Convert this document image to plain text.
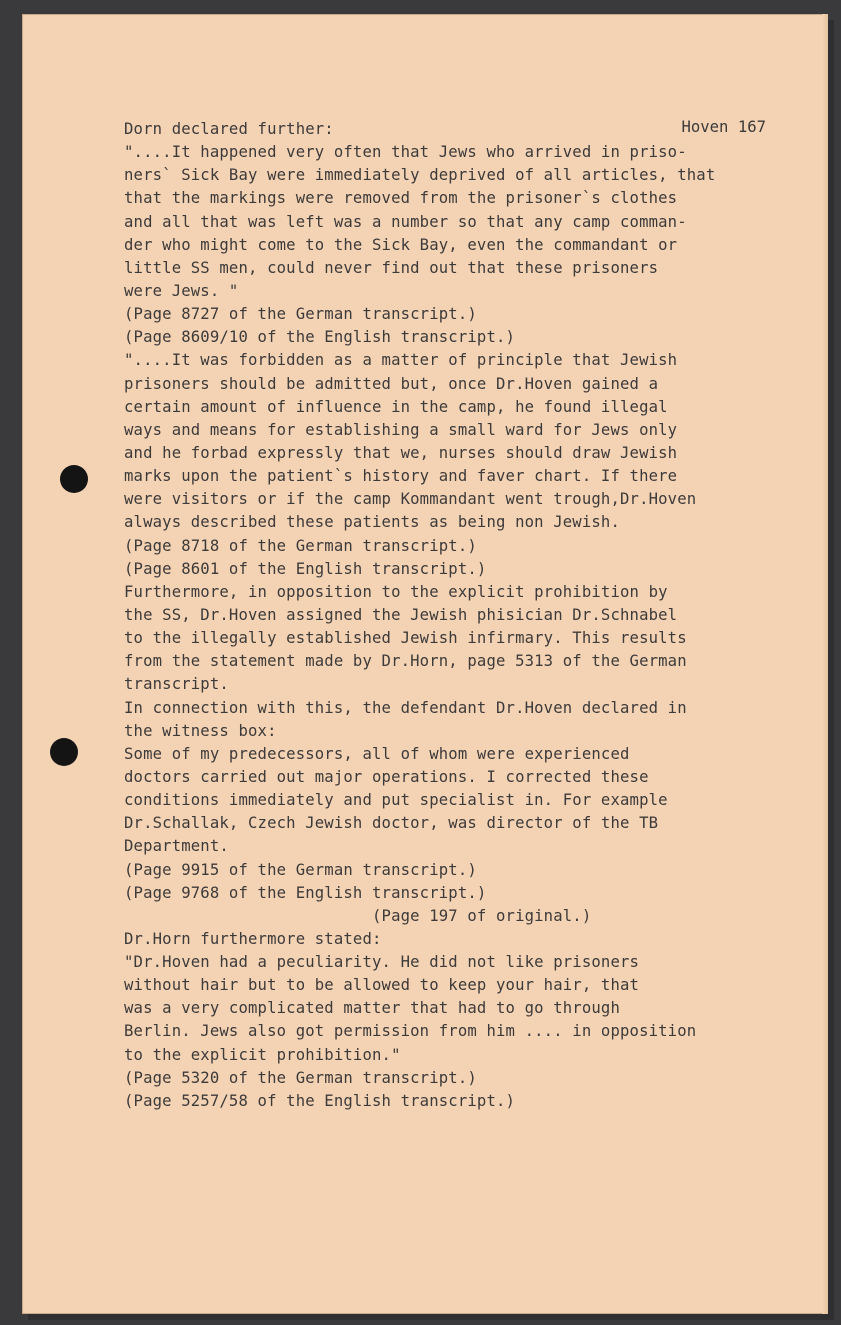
Hoven 167
Dorn declared further:
"....It happened very often that Jews who arrived in priso-
ners` Sick Bay were immediately deprived of all articles, that
that the markings were removed from the prisoner`s clothes
and all that was left was a number so that any camp comman-
der who might come to the Sick Bay, even the commandant or
little SS men, could never find out that these prisoners
were Jews. "
(Page 8727 of the German transcript.)
(Page 8609/10 of the English transcript.)
"....It was forbidden as a matter of principle that Jewish
prisoners should be admitted but, once Dr.Hoven gained a
certain amount of influence in the camp, he found illegal
ways and means for establishing a small ward for Jews only
and he forbad expressly that we, nurses should draw Jewish
marks upon the patient`s history and faver chart. If there
were visitors or if the camp Kommandant went trough,Dr.Hoven
always described these patients as being non Jewish.
(Page 8718 of the German transcript.)
(Page 8601 of the English transcript.)
Furthermore, in opposition to the explicit prohibition by
the SS, Dr.Hoven assigned the Jewish phisician Dr.Schnabel
to the illegally established Jewish infirmary. This results
from the statement made by Dr.Horn, page 5313 of the German
transcript.
In connection with this, the defendant Dr.Hoven declared in
the witness box:
Some of my predecessors, all of whom were experienced
doctors carried out major operations. I corrected these
conditions immediately and put specialist in. For example
Dr.Schallak, Czech Jewish doctor, was director of the TB
Department.
(Page 9915 of the German transcript.)
(Page 9768 of the English transcript.)
(Page 197 of original.)
Dr.Horn furthermore stated:
"Dr.Hoven had a peculiarity. He did not like prisoners
without hair but to be allowed to keep your hair, that
was a very complicated matter that had to go through
Berlin. Jews also got permission from him .... in opposition
to the explicit prohibition."
(Page 5320 of the German transcript.)
(Page 5257/58 of the English transcript.)
